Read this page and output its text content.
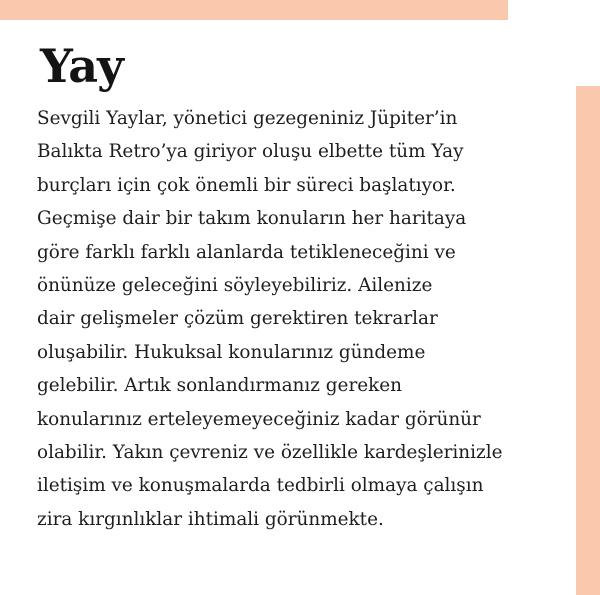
Yay

Sevgili Yaylar, yönetici gezegeniniz Jüpiter’in
Balıkta Retro’ya giriyor oluşu elbette tüm Yay
burçları için çok önemli bir süreci başlatıyor.
Geçmişe dair bir takım konuların her haritaya
göre farklı farklı alanlarda tetikleneceğini ve
önünüze geleceğini söyleyebiliriz. Ailenize
dair gelişmeler çözüm gerektiren tekrarlar
oluşabilir. Hukuksal konularınız gündeme
gelebilir. Artık sonlandırmanız gereken
konularınız erteleyemeyeceğiniz kadar görünür
olabilir. Yakın çevreniz ve özellikle kardeşlerinizle
iletişim ve konuşmalarda tedbirli olmaya çalışın
zira kırgınlıklar ihtimali görünmekte.
